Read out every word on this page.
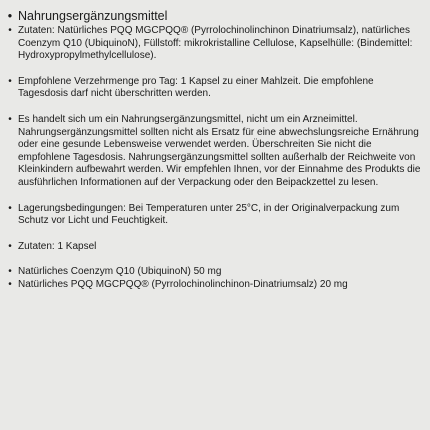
• Nahrungsergänzungsmittel
• Zutaten: Natürliches PQQ MGCPQQ® (Pyrrolochinolinchinon Dinatriumsalz), natürliches Coenzym Q10 (UbiquinoN), Füllstoff: mikrokristalline Cellulose, Kapselhülle: (Bindemittel: Hydroxypropylmethylcellulose).
• Empfohlene Verzehrmenge pro Tag: 1 Kapsel zu einer Mahlzeit. Die empfohlene Tagesdosis darf nicht überschritten werden.
• Es handelt sich um ein Nahrungsergänzungsmittel, nicht um ein Arzneimittel. Nahrungsergänzungsmittel sollten nicht als Ersatz für eine abwechslungsreiche Ernährung oder eine gesunde Lebensweise verwendet werden. Überschreiten Sie nicht die empfohlene Tagesdosis. Nahrungsergänzungsmittel sollten außerhalb der Reichweite von Kleinkindern aufbewahrt werden. Wir empfehlen Ihnen, vor der Einnahme des Produkts die ausführlichen Informationen auf der Verpackung oder den Beipackzettel zu lesen.
• Lagerungsbedingungen: Bei Temperaturen unter 25°C, in der Originalverpackung zum Schutz vor Licht und Feuchtigkeit.
• Zutaten: 1 Kapsel
• Natürliches Coenzym Q10 (UbiquinoN) 50 mg
• Natürliches PQQ MGCPQQ® (Pyrrolochinolinchinon-Dinatriumsalz) 20 mg
